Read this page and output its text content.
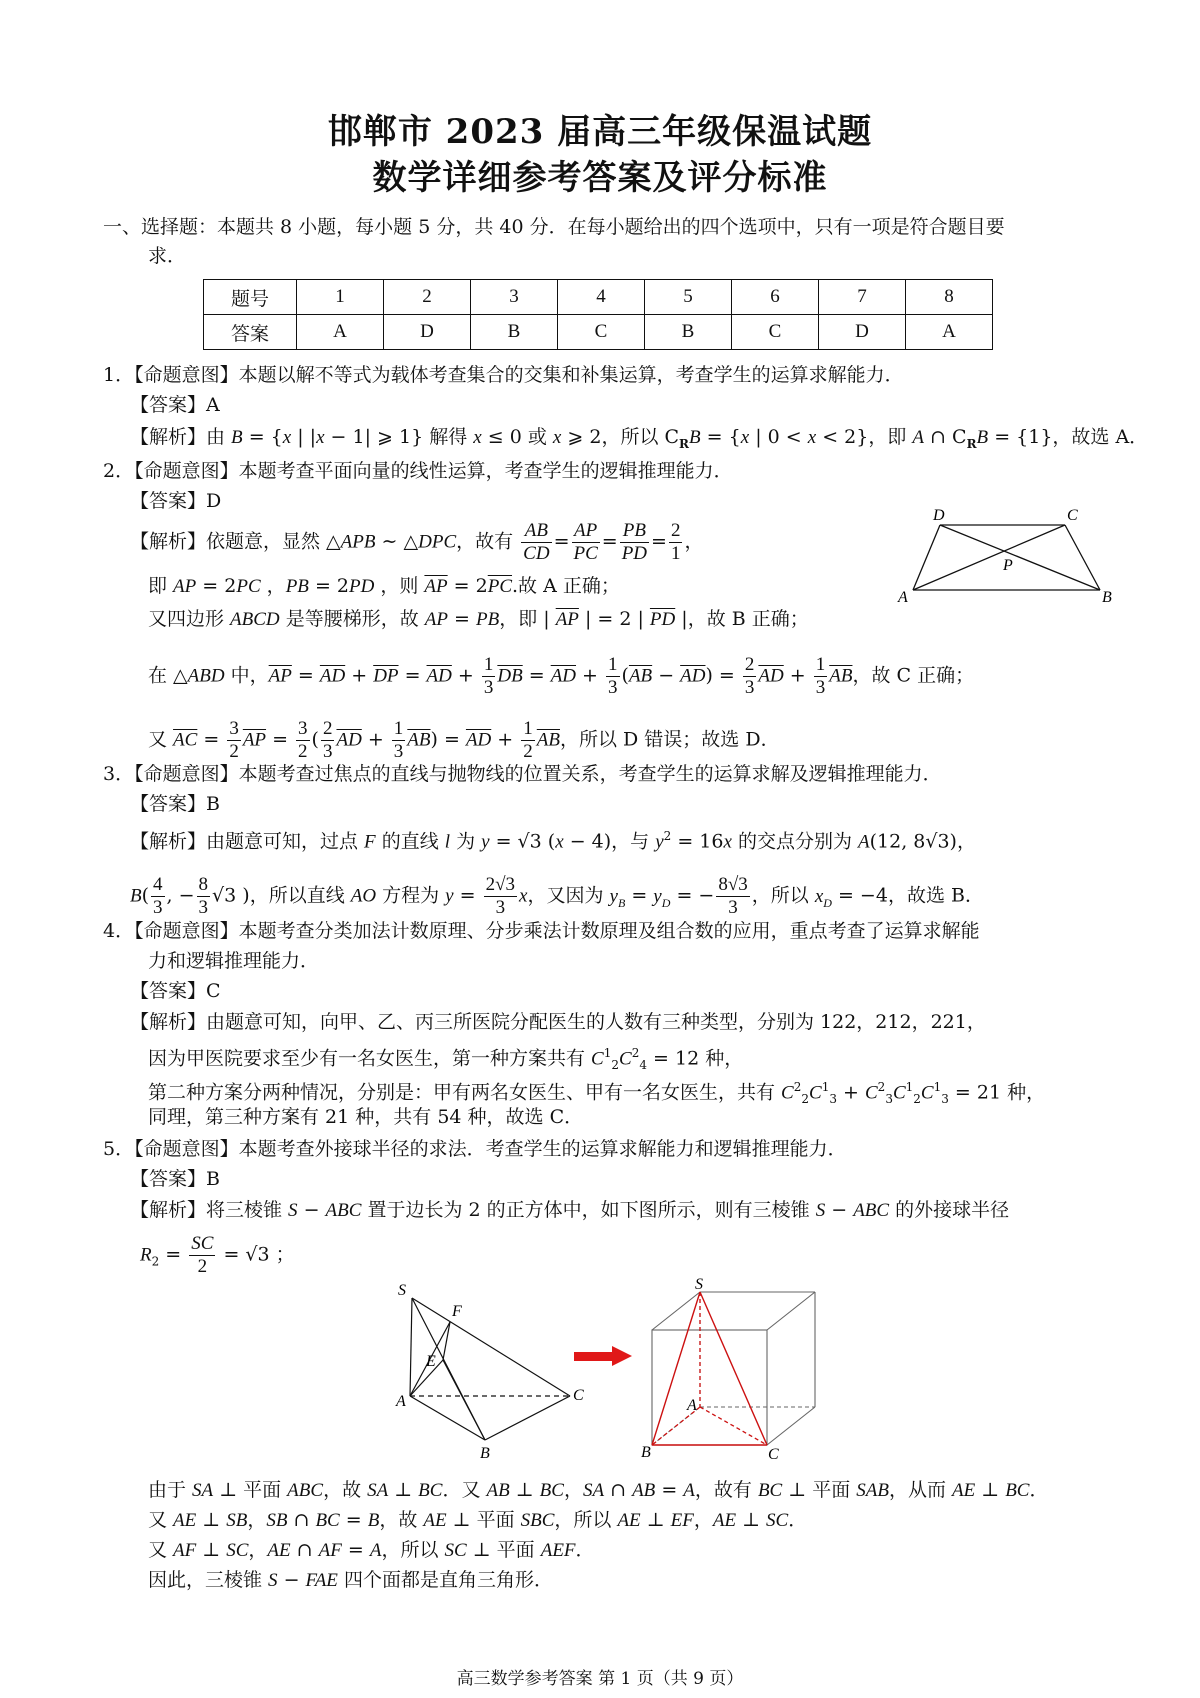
邯郸市 2023 届高三年级保温试题
数学详细参考答案及评分标准
一、选择题：本题共 8 小题，每小题 5 分，共 40 分．在每小题给出的四个选项中，只有一项是符合题目要
求．
题号	1	2	3	4	5	6	7	8
答案	A	D	B	C	B	C	D	A
1．【命题意图】本题以解不等式为载体考查集合的交集和补集运算，考查学生的运算求解能力．
【答案】A
【解析】由 B = {x | |x − 1| ⩾ 1} 解得 x ≤ 0 或 x ⩾ 2，所以 $C_RB = \{x$ | 0 < x < 2}，即 A ∩ $C_RB = \{1\}$，故选 A．
2．【命题意图】本题考查平面向量的线性运算，考查学生的逻辑推理能力．
【答案】D
【解析】依题意，显然 △APB ∼ △DPC，故有 $\frac{AB}{CD} = \frac{AP}{PC} = \frac{PB}{PD} = \frac{2}{1}$ ，
即 AP = 2PC ，PB = 2PD ，则 $\overline{AP} = 2\overline{PC}$.故 A 正确；
又四边形 ABCD 是等腰梯形，故 AP = PB，即 | $\overline{AP}$ | = 2 | $\overline{PD}$ |，故 B 正确；
在 △ABD 中，$\overline{AP} = \overline{AD} + \overline{DP} = \overline{AD} + \frac{1}{3} \overline{DB} = \overline{AD} + \frac{1}{3} (\overline{AB} - \overline{AD}) = \frac{2}{3} \overline{AD} + \frac{1}{3} \overline{AB}$，故 C 正确；
又 $\overline{AC} = \frac{3}{2} \overline{AP} = \frac{3}{2}$ ( $\frac{2}{3} \overline{AD} + \frac{1}{3} \overline{AB}) = \overline{AD} + \frac{1}{2} \overline{AB}$，所以 D 错误；故选 D．
D	C
P
A	B
3．【命题意图】本题考查过焦点的直线与抛物线的位置关系，考查学生的运算求解及逻辑推理能力．
【答案】B
【解析】由题意可知，过点 F 的直线 l 为 y = √3 (x − 4)，与 $y^2 = 16x$ 的交点分别为 A(12, 8√3)，
$B( \frac{4}{3}$ , − $\frac{8}{3} √3$ )，所以直线 AO 方程为 $y = \frac{2√3}{3}$ x，又因为 $y_B = y_D$ = − $\frac{8√3}{3}$ ，所以 $x_D = -4$，故选 B．
4．【命题意图】本题考查分类加法计数原理、分步乘法计数原理及组合数的应用，重点考查了运算求解能
力和逻辑推理能力．
【答案】C
【解析】由题意可知，向甲、乙、丙三所医院分配医生的人数有三种类型，分别为 122，212，221，
因为甲医院要求至少有一名女医生，第一种方案共有 $C^1_2C^2_4 = 12$ 种，
第二种方案分两种情况，分别是：甲有两名女医生、甲有一名女医生，共有 $C^2_2C^1_3 + C^2_3C^1_2C^1_3 = 21$ 种，
同理，第三种方案有 21 种，共有 54 种，故选 C．
5．【命题意图】本题考查外接球半径的求法．考查学生的运算求解能力和逻辑推理能力．
【答案】B
【解析】将三棱锥 S − ABC 置于边长为 2 的正方体中，如下图所示，则有三棱锥 S − ABC 的外接球半径
$R_2 = \frac{SC}{2} = √3$ ；
S
F
E
A	C
B
S
A
B	C
由于 SA ⊥ 平面 ABC，故 SA ⊥ BC．又 AB ⊥ BC，SA ∩ AB = A，故有 BC ⊥ 平面 SAB，从而 AE ⊥ BC．
又 AE ⊥ SB，SB ∩ BC = B，故 AE ⊥ 平面 SBC，所以 AE ⊥ EF，AE ⊥ SC．
又 AF ⊥ SC，AE ∩ AF = A，所以 SC ⊥ 平面 AEF．
因此，三棱锥 S − FAE 四个面都是直角三角形．
高三数学参考答案 第 1 页（共 9 页）
